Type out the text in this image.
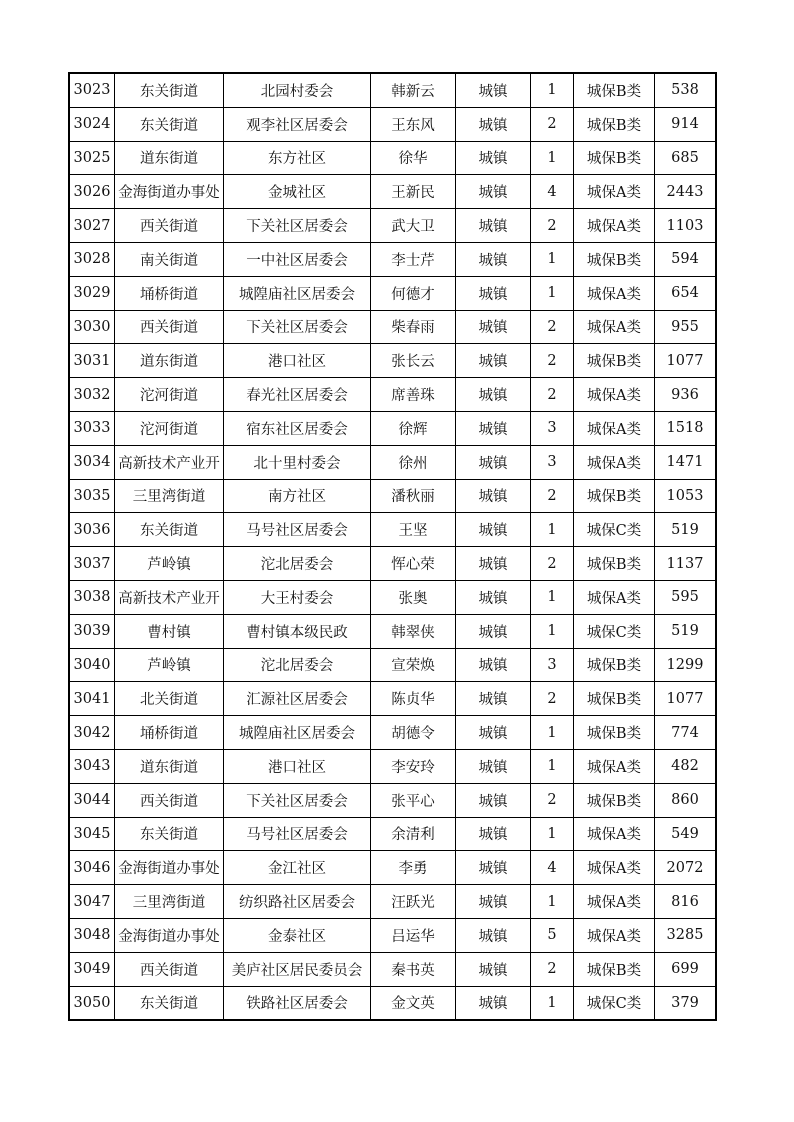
3023	东关街道	北园村委会	韩新云	城镇	1	城保B类	538
3024	东关街道	观李社区居委会	王东风	城镇	2	城保B类	914
3025	道东街道	东方社区	徐华	城镇	1	城保B类	685
3026	金海街道办事处	金城社区	王新民	城镇	4	城保A类	2443
3027	西关街道	下关社区居委会	武大卫	城镇	2	城保A类	1103
3028	南关街道	一中社区居委会	李士芹	城镇	1	城保B类	594
3029	埇桥街道	城隍庙社区居委会	何德才	城镇	1	城保A类	654
3030	西关街道	下关社区居委会	柴春雨	城镇	2	城保A类	955
3031	道东街道	港口社区	张长云	城镇	2	城保B类	1077
3032	沱河街道	春光社区居委会	席善珠	城镇	2	城保A类	936
3033	沱河街道	宿东社区居委会	徐辉	城镇	3	城保A类	1518
3034	高新技术产业开	北十里村委会	徐州	城镇	3	城保A类	1471
3035	三里湾街道	南方社区	潘秋丽	城镇	2	城保B类	1053
3036	东关街道	马号社区居委会	王坚	城镇	1	城保C类	519
3037	芦岭镇	沱北居委会	恽心荣	城镇	2	城保B类	1137
3038	高新技术产业开	大王村委会	张奥	城镇	1	城保A类	595
3039	曹村镇	曹村镇本级民政	韩翠侠	城镇	1	城保C类	519
3040	芦岭镇	沱北居委会	宣荣焕	城镇	3	城保B类	1299
3041	北关街道	汇源社区居委会	陈贞华	城镇	2	城保B类	1077
3042	埇桥街道	城隍庙社区居委会	胡德令	城镇	1	城保B类	774
3043	道东街道	港口社区	李安玲	城镇	1	城保A类	482
3044	西关街道	下关社区居委会	张平心	城镇	2	城保B类	860
3045	东关街道	马号社区居委会	余清利	城镇	1	城保A类	549
3046	金海街道办事处	金江社区	李勇	城镇	4	城保A类	2072
3047	三里湾街道	纺织路社区居委会	汪跃光	城镇	1	城保A类	816
3048	金海街道办事处	金泰社区	吕运华	城镇	5	城保A类	3285
3049	西关街道	美庐社区居民委员会	秦书英	城镇	2	城保B类	699
3050	东关街道	铁路社区居委会	金文英	城镇	1	城保C类	379
